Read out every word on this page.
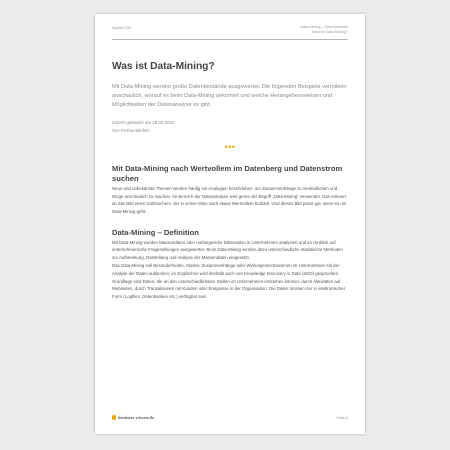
Kapitel 230	Data-Mining – Datenanalyse
Was ist Data-Mining?
Was ist Data-Mining?

Mit Data-Mining werden große Datenbestände ausgewertet. Die folgenden Beispiele vermitteln anschaulich, worauf es beim Data-Mining ankommt und welche Herangehensweisen und Möglichkeiten der Datenanalyse es gibt.

Zuletzt geändert am 28.02.2022
Von Florian Bliefert
•••
Mit Data-Mining nach Wertvollem im Datenberg und Datenstrom suchen

Neue und unbekannte Themen werden häufig mit Analogien beschrieben, um Zusammenhänge zu verdeutlichen und Dinge anschaulich zu machen. Im Bereich der Datenanalyse wird gerne der Begriff „Data-Mining“ verwendet. Das erinnert an das Bild eines Goldsuchers, der in seiner Mine nach etwas Wertvollem buddelt. Und dieses Bild passt gut, wenn es um Data-Mining geht.

Data-Mining – Definition

Mit Data-Mining werden Massendaten oder umfangreiche Datensätze in Unternehmen analysiert und im Hinblick auf unternehmerische Fragestellungen ausgewertet. Beim Data-Mining werden dazu unterschiedliche statistische Methoden zur Aufbereitung, Darstellung und Analyse der Massendaten eingesetzt.

Das Data-Mining soll Besonderheiten, Muster, Zusammenhänge oder Wirkungsmechanismen im Unternehmen mit der Analyse der Daten aufdecken; im Englischen wird deshalb auch von Knowledge Discovery in Data (KDD) gesprochen.

Grundlage sind Daten, die an den unterschiedlichsten Stellen im Unternehmen entstehen können: durch Aktivitäten auf Webseiten, durch Transaktionen mit Kunden oder Ereignisse in der Organisation. Die Daten müssen nur in elektronischer Form (Logfiles, Datenbanken etc.) verfügbar sein.

business-wissen.de	Seite 2
